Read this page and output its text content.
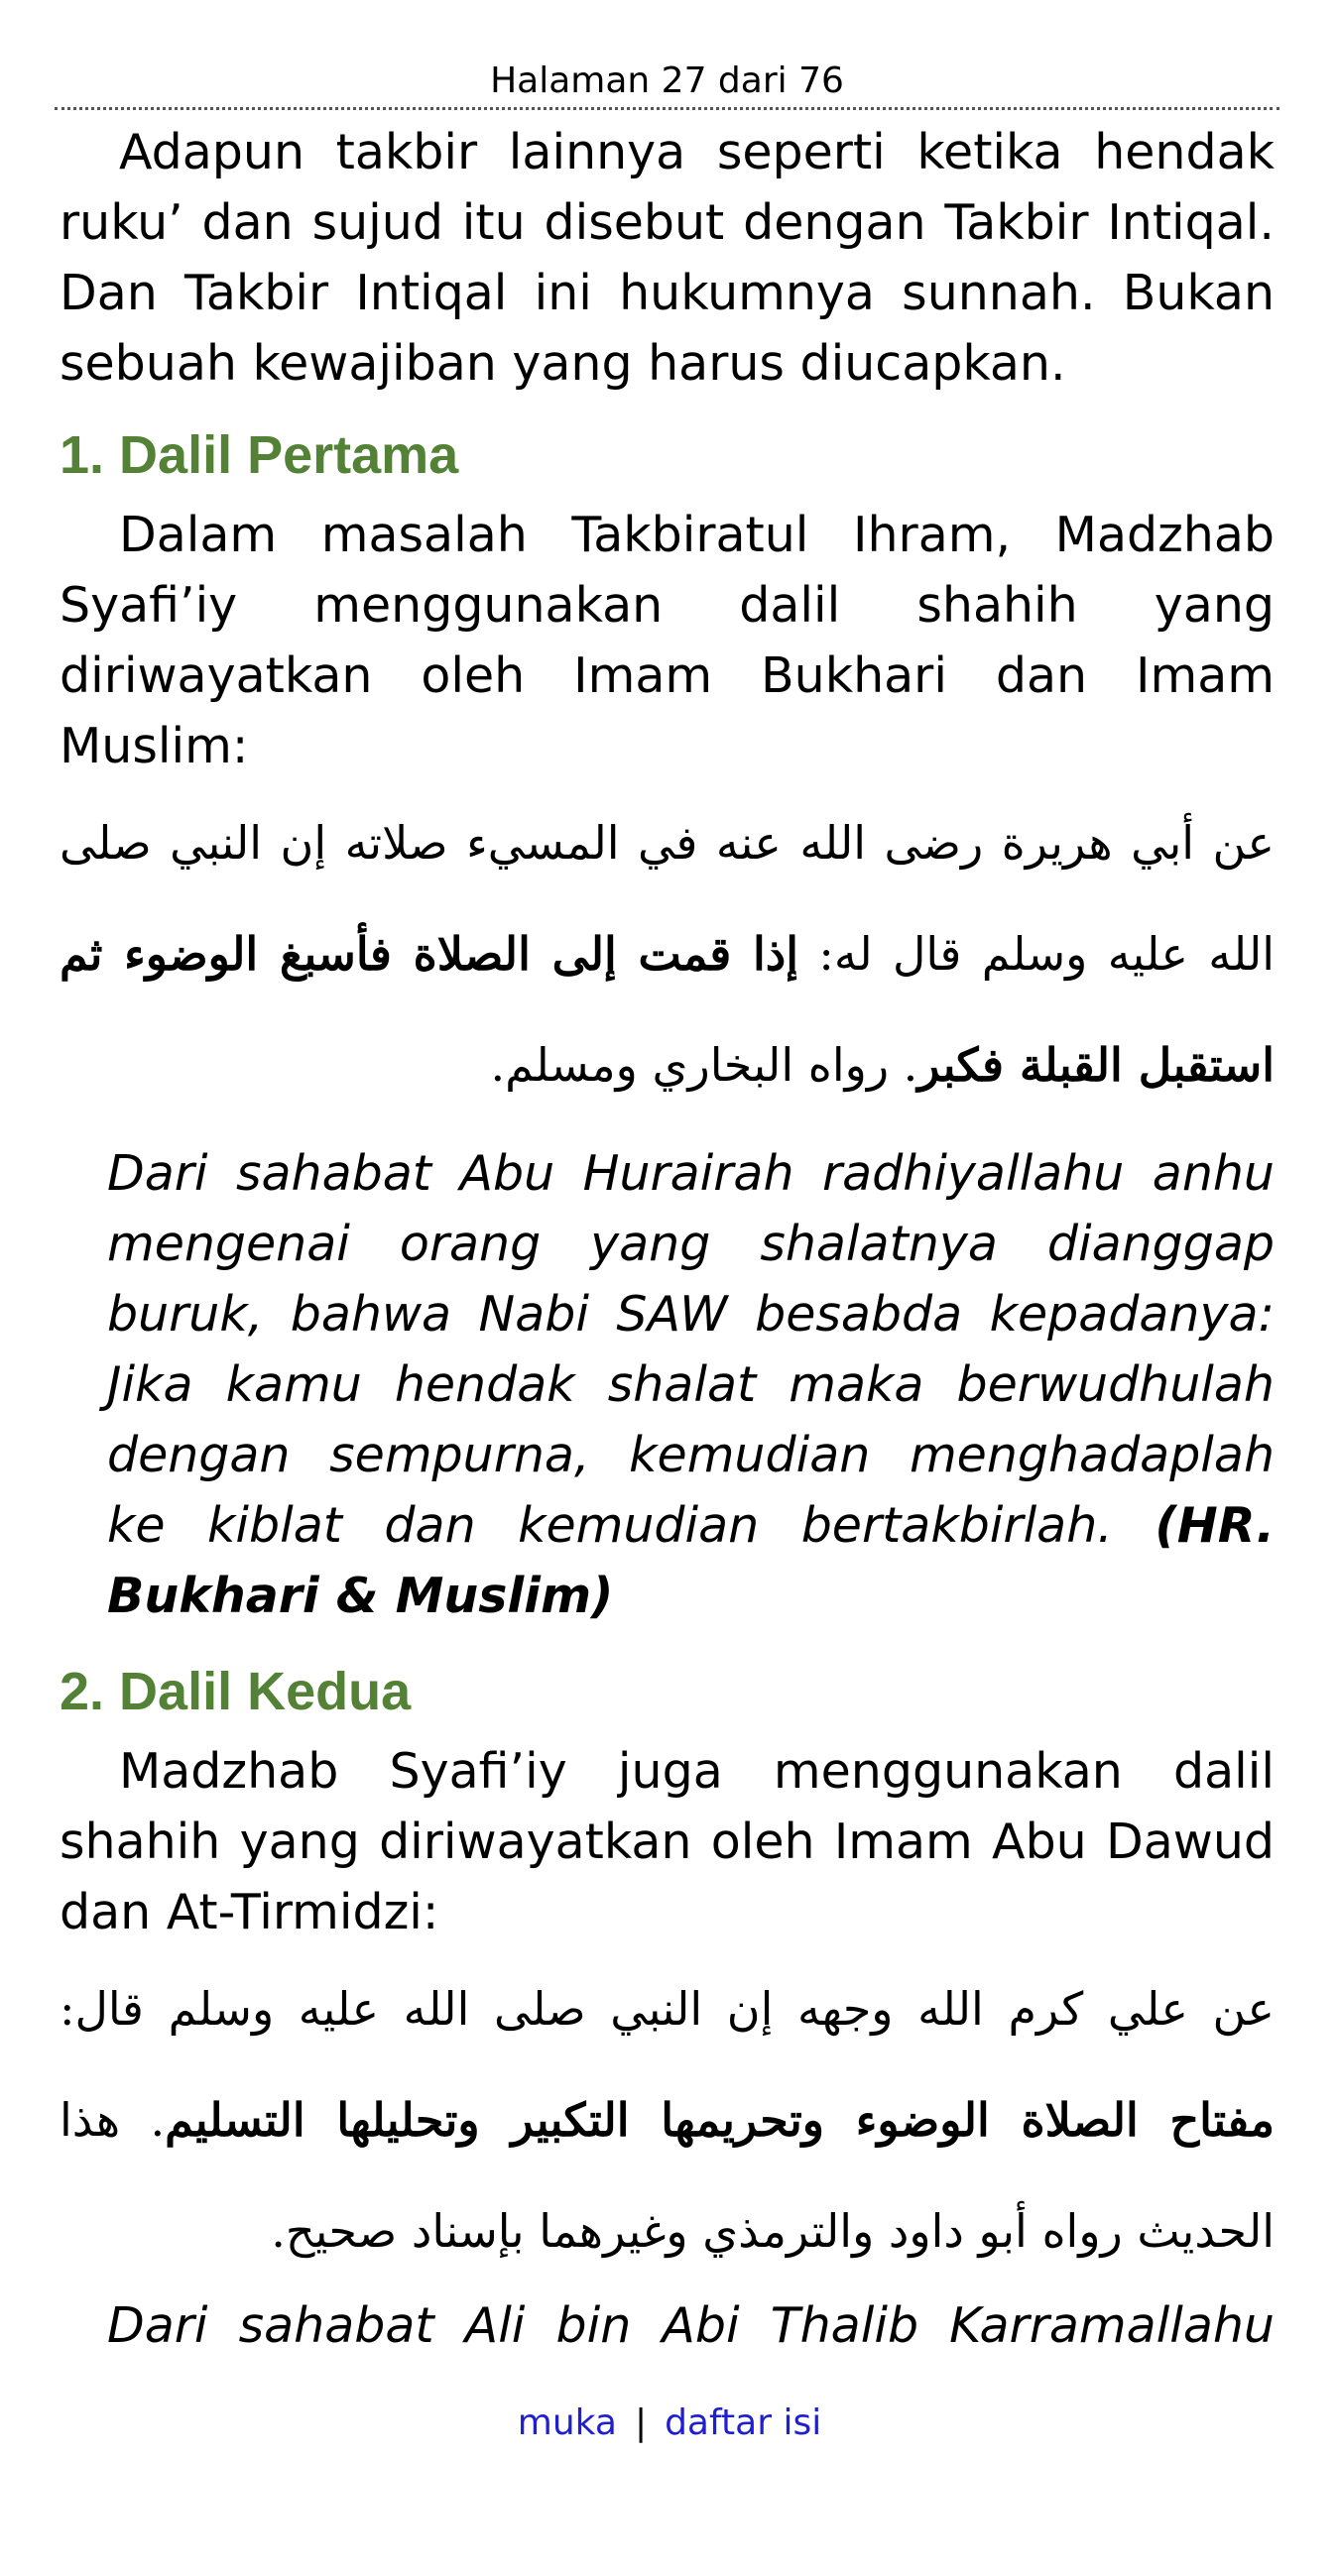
Halaman 27 dari 76

Adapun takbir lainnya seperti ketika hendak ruku’ dan sujud itu disebut dengan Takbir Intiqal. Dan Takbir Intiqal ini hukumnya sunnah. Bukan sebuah kewajiban yang harus diucapkan.

1. Dalil Pertama

Dalam masalah Takbiratul Ihram, Madzhab Syafi’iy menggunakan dalil shahih yang diriwayatkan oleh Imam Bukhari dan Imam Muslim:

عن أبي هريرة رضى الله عنه في المسيء صلاته إن النبي صلى الله عليه وسلم قال له: إذا قمت إلى الصلاة فأسبغ الوضوء ثم استقبل القبلة فكبر. رواه البخاري ومسلم.

Dari sahabat Abu Hurairah radhiyallahu anhu mengenai orang yang shalatnya dianggap buruk, bahwa Nabi SAW besabda kepadanya: Jika kamu hendak shalat maka berwudhulah dengan sempurna, kemudian menghadaplah ke kiblat dan kemudian bertakbirlah. (HR. Bukhari & Muslim)

2. Dalil Kedua

Madzhab Syafi’iy juga menggunakan dalil shahih yang diriwayatkan oleh Imam Abu Dawud dan At-Tirmidzi:

عن علي كرم الله وجهه إن النبي صلى الله عليه وسلم قال: مفتاح الصلاة الوضوء وتحريمها التكبير وتحليلها التسليم. هذا الحديث رواه أبو داود والترمذي وغيرهما بإسناد صحيح.

Dari sahabat Ali bin Abi Thalib Karramallahu

muka | daftar isi
